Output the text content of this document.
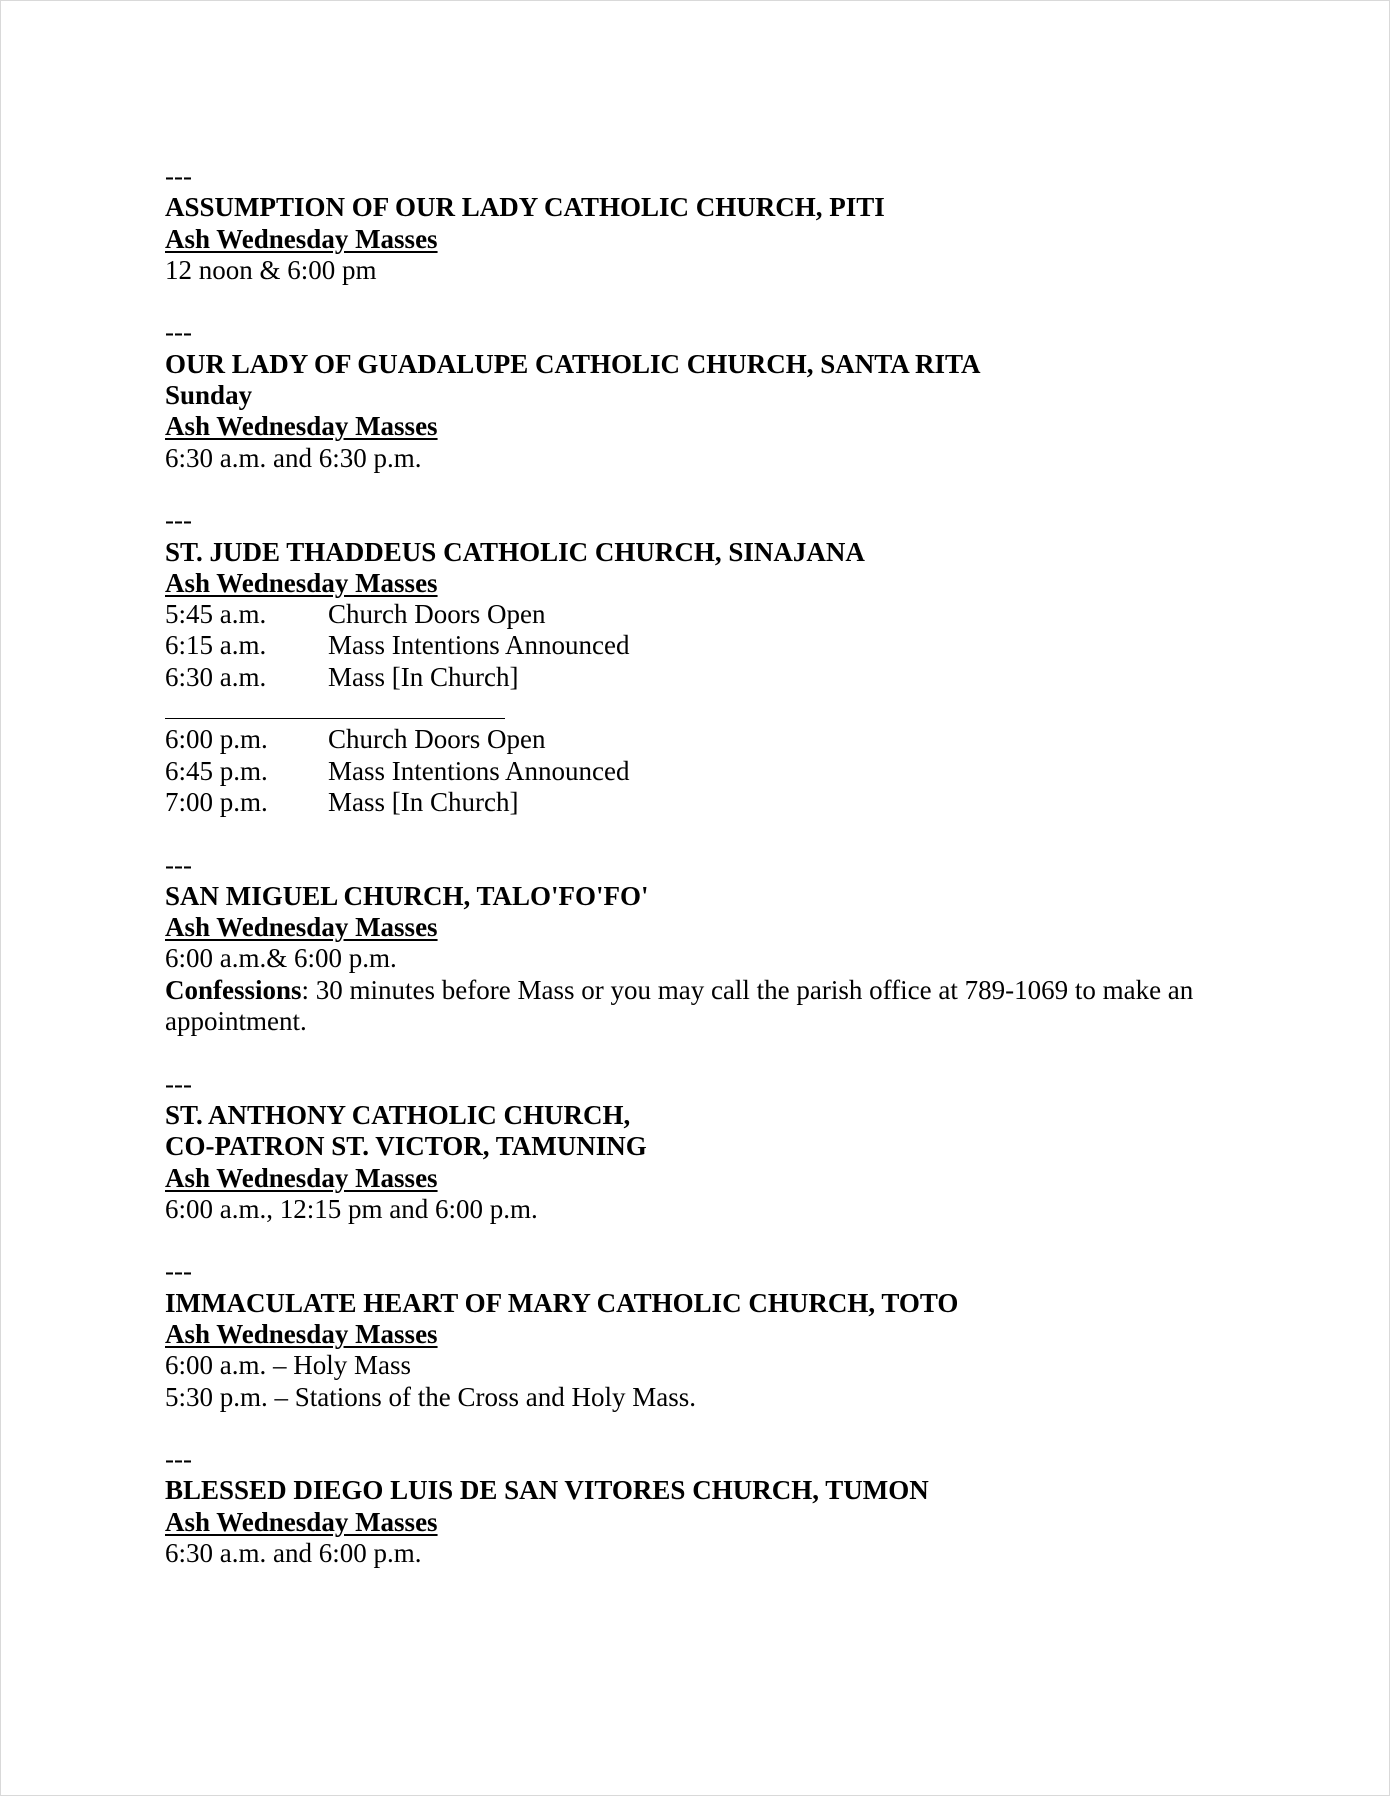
---
ASSUMPTION OF OUR LADY CATHOLIC CHURCH, PITI
Ash Wednesday Masses
12 noon & 6:00 pm
---
OUR LADY OF GUADALUPE CATHOLIC CHURCH, SANTA RITA
Sunday
Ash Wednesday Masses
6:30 a.m. and 6:30 p.m.
---
ST. JUDE THADDEUS CATHOLIC CHURCH, SINAJANA
Ash Wednesday Masses
5:45 a.m.	Church Doors Open
6:15 a.m.	Mass Intentions Announced
6:30 a.m.	Mass [In Church]
6:00 p.m.	Church Doors Open
6:45 p.m.	Mass Intentions Announced
7:00 p.m.	Mass [In Church]
---
SAN MIGUEL CHURCH, TALO'FO'FO'
Ash Wednesday Masses
6:00 a.m.& 6:00 p.m.
Confessions: 30 minutes before Mass or you may call the parish office at 789-1069 to make an appointment.
---
ST. ANTHONY CATHOLIC CHURCH,
CO-PATRON ST. VICTOR, TAMUNING
Ash Wednesday Masses
6:00 a.m., 12:15 pm and 6:00 p.m.
---
IMMACULATE HEART OF MARY CATHOLIC CHURCH, TOTO
Ash Wednesday Masses
6:00 a.m. – Holy Mass
5:30 p.m. – Stations of the Cross and Holy Mass.
---
BLESSED DIEGO LUIS DE SAN VITORES CHURCH, TUMON
Ash Wednesday Masses
6:30 a.m. and 6:00 p.m.
